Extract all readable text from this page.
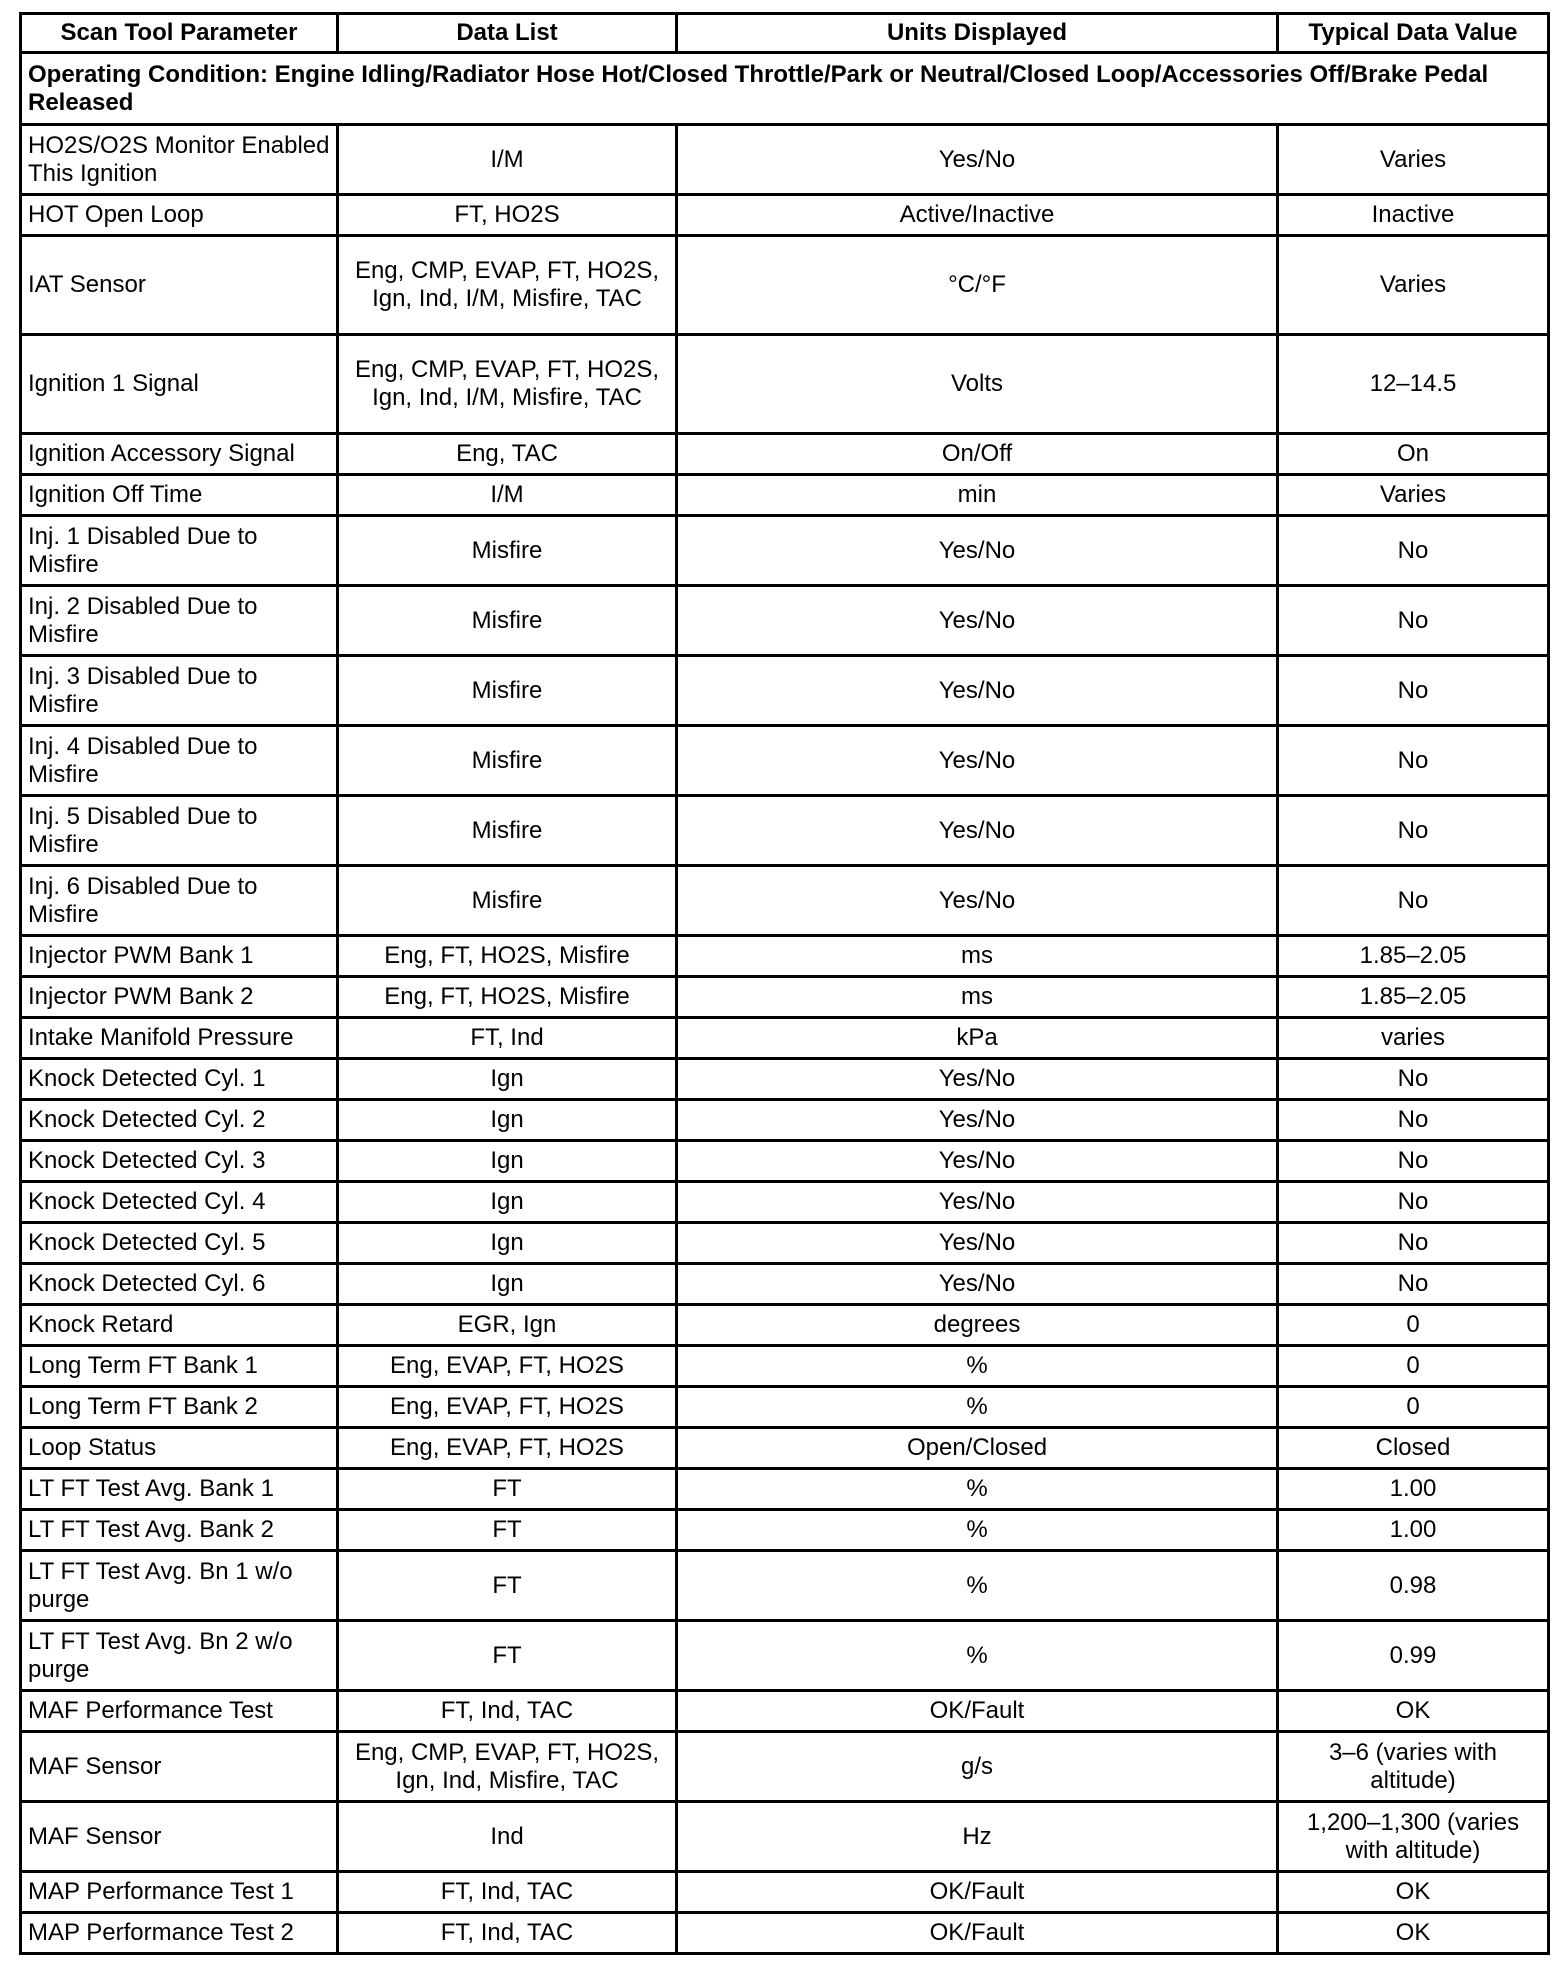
Scan Tool Parameter	Data List	Units Displayed	Typical Data Value
Operating Condition: Engine Idling/Radiator Hose Hot/Closed Throttle/Park or Neutral/Closed Loop/Accessories Off/Brake Pedal Released			
HO2S/O2S Monitor Enabled This Ignition	I/M	Yes/No	Varies
HOT Open Loop	FT, HO2S	Active/Inactive	Inactive
IAT Sensor	Eng, CMP, EVAP, FT, HO2S, Ign, Ind, I/M, Misfire, TAC	°C/°F	Varies
Ignition 1 Signal	Eng, CMP, EVAP, FT, HO2S, Ign, Ind, I/M, Misfire, TAC	Volts	12–14.5
Ignition Accessory Signal	Eng, TAC	On/Off	On
Ignition Off Time	I/M	min	Varies
Inj. 1 Disabled Due to Misfire	Misfire	Yes/No	No
Inj. 2 Disabled Due to Misfire	Misfire	Yes/No	No
Inj. 3 Disabled Due to Misfire	Misfire	Yes/No	No
Inj. 4 Disabled Due to Misfire	Misfire	Yes/No	No
Inj. 5 Disabled Due to Misfire	Misfire	Yes/No	No
Inj. 6 Disabled Due to Misfire	Misfire	Yes/No	No
Injector PWM Bank 1	Eng, FT, HO2S, Misfire	ms	1.85–2.05
Injector PWM Bank 2	Eng, FT, HO2S, Misfire	ms	1.85–2.05
Intake Manifold Pressure	FT, Ind	kPa	varies
Knock Detected Cyl. 1	Ign	Yes/No	No
Knock Detected Cyl. 2	Ign	Yes/No	No
Knock Detected Cyl. 3	Ign	Yes/No	No
Knock Detected Cyl. 4	Ign	Yes/No	No
Knock Detected Cyl. 5	Ign	Yes/No	No
Knock Detected Cyl. 6	Ign	Yes/No	No
Knock Retard	EGR, Ign	degrees	0
Long Term FT Bank 1	Eng, EVAP, FT, HO2S	%	0
Long Term FT Bank 2	Eng, EVAP, FT, HO2S	%	0
Loop Status	Eng, EVAP, FT, HO2S	Open/Closed	Closed
LT FT Test Avg. Bank 1	FT	%	1.00
LT FT Test Avg. Bank 2	FT	%	1.00
LT FT Test Avg. Bn 1 w/o purge	FT	%	0.98
LT FT Test Avg. Bn 2 w/o purge	FT	%	0.99
MAF Performance Test	FT, Ind, TAC	OK/Fault	OK
MAF Sensor	Eng, CMP, EVAP, FT, HO2S, Ign, Ind, Misfire, TAC	g/s	3–6 (varies with altitude)
MAF Sensor	Ind	Hz	1,200–1,300 (varies with altitude)
MAP Performance Test 1	FT, Ind, TAC	OK/Fault	OK
MAP Performance Test 2	FT, Ind, TAC	OK/Fault	OK
